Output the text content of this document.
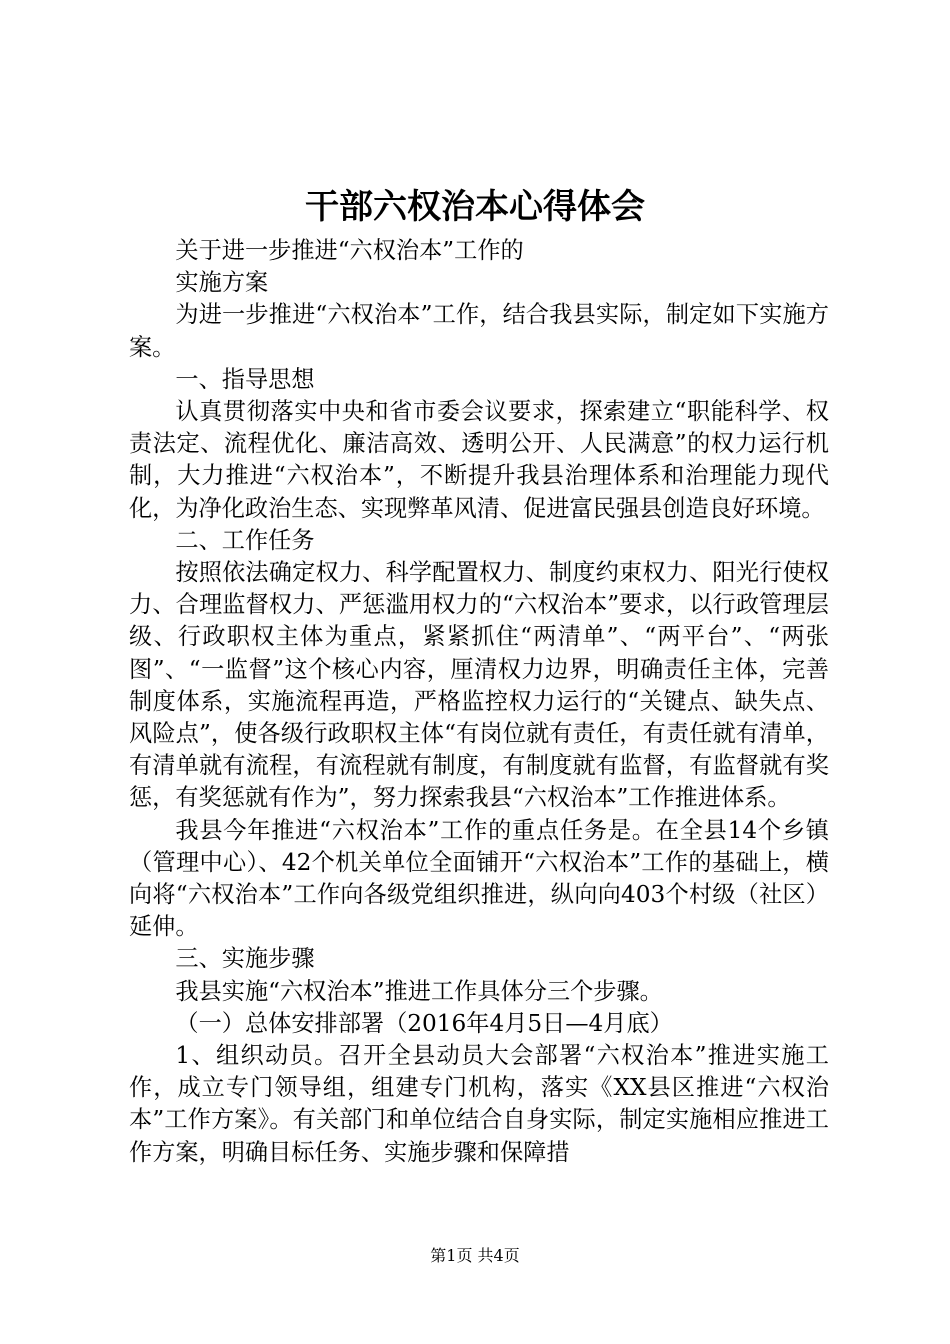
干部六权治本心得体会

关于进一步推进“六权治本”工作的

实施方案

为进一步推进“六权治本”工作，结合我县实际，制定如下实施方案。

一、指导思想

认真贯彻落实中央和省市委会议要求，探索建立“职能科学、权责法定、流程优化、廉洁高效、透明公开、人民满意”的权力运行机制，大力推进“六权治本”，不断提升我县治理体系和治理能力现代化，为净化政治生态、实现弊革风清、促进富民强县创造良好环境。

二、工作任务

按照依法确定权力、科学配置权力、制度约束权力、阳光行使权力、合理监督权力、严惩滥用权力的“六权治本”要求，以行政管理层级、行政职权主体为重点，紧紧抓住“两清单”、“两平台”、“两张图”、“一监督”这个核心内容，厘清权力边界，明确责任主体，完善制度体系，实施流程再造，严格监控权力运行的“关键点、缺失点、风险点”，使各级行政职权主体“有岗位就有责任，有责任就有清单，有清单就有流程，有流程就有制度，有制度就有监督，有监督就有奖惩，有奖惩就有作为”，努力探索我县“六权治本”工作推进体系。

我县今年推进“六权治本”工作的重点任务是。在全县14个乡镇（管理中心）、42个机关单位全面铺开“六权治本”工作的基础上，横向将“六权治本”工作向各级党组织推进，纵向向403个村级（社区）延伸。

三、实施步骤

我县实施“六权治本”推进工作具体分三个步骤。

（一）总体安排部署（2016年4月5日—4月底）

1、组织动员。召开全县动员大会部署“六权治本”推进实施工作，成立专门领导组，组建专门机构，落实《XX县区推进“六权治本”工作方案》。有关部门和单位结合自身实际，制定实施相应推进工作方案，明确目标任务、实施步骤和保障措

第1页 共4页
